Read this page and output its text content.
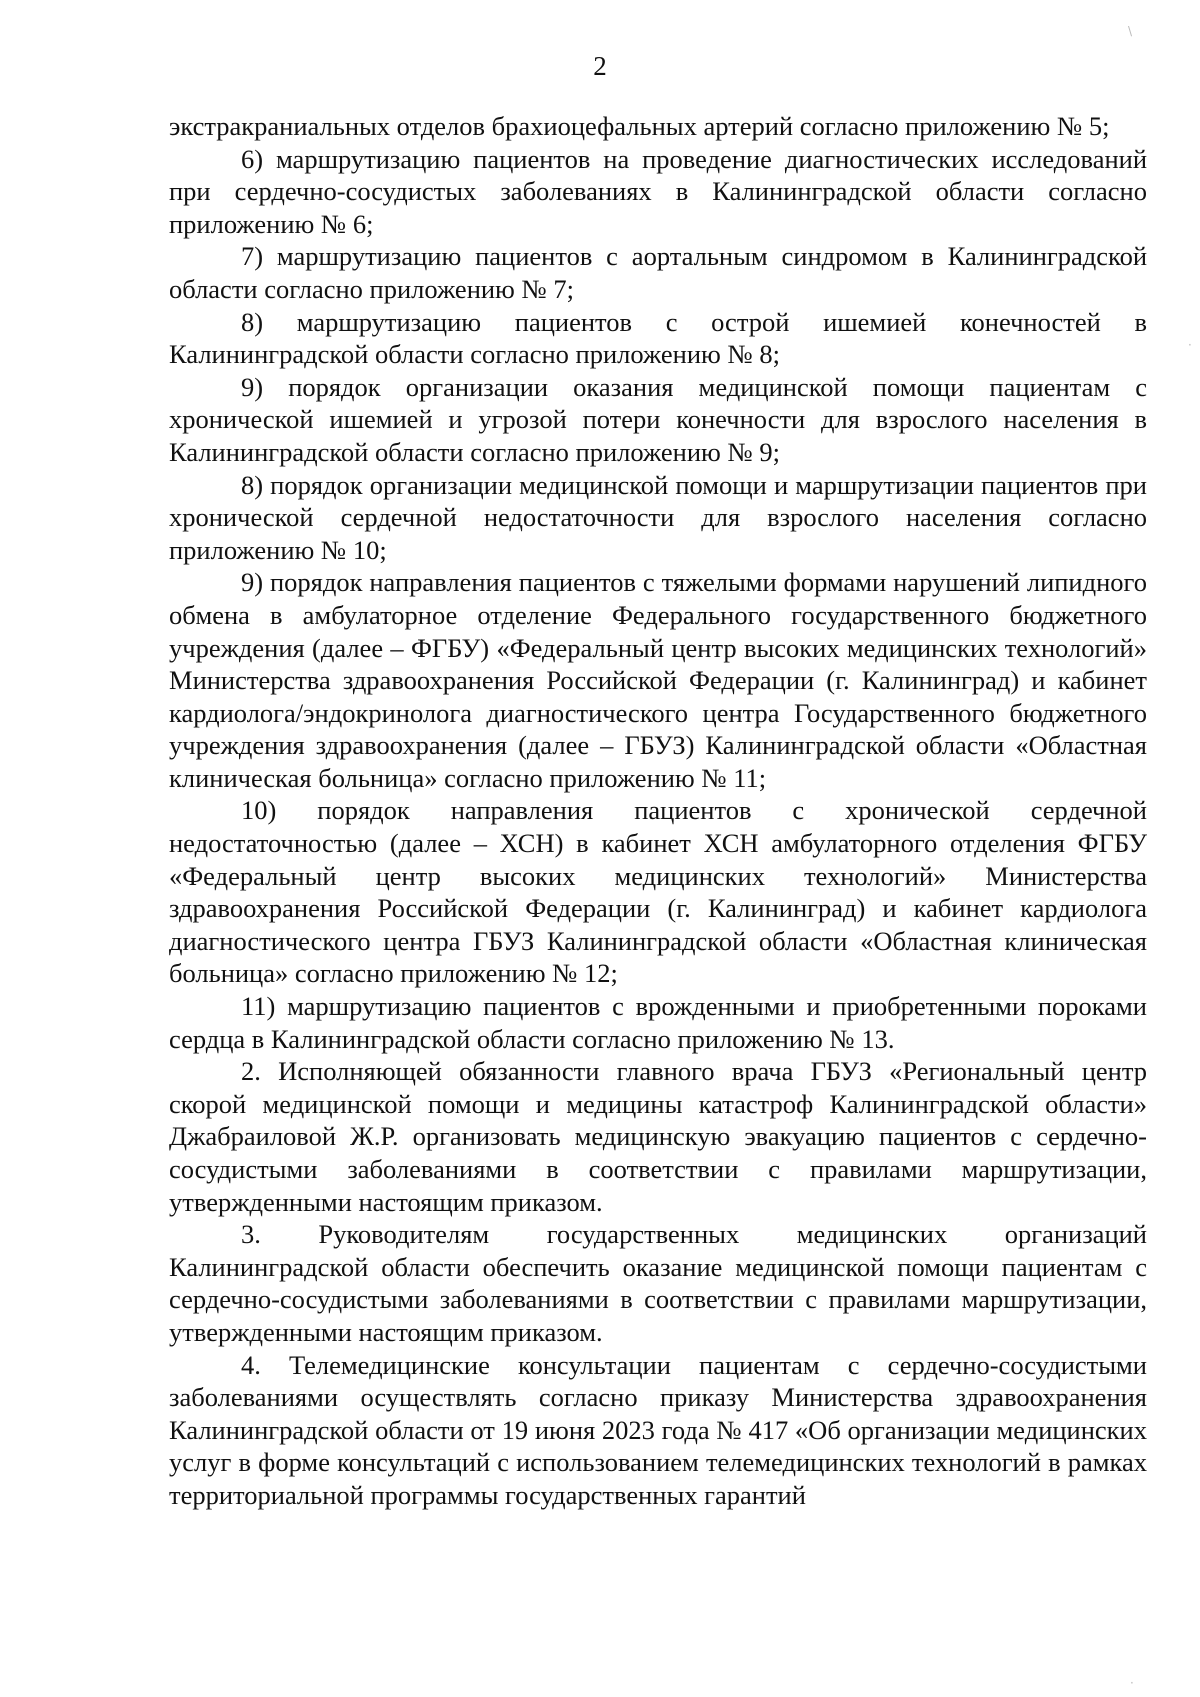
2

экстракраниальных отделов брахиоцефальных артерий согласно приложению № 5;

6) маршрутизацию пациентов на проведение диагностических исследований при сердечно-сосудистых заболеваниях в Калининградской области согласно приложению № 6;

7) маршрутизацию пациентов с аортальным синдромом в Калининградской области согласно приложению № 7;

8) маршрутизацию пациентов с острой ишемией конечностей в Калининградской области согласно приложению № 8;

9) порядок организации оказания медицинской помощи пациентам с хронической ишемией и угрозой потери конечности для взрослого населения в Калининградской области согласно приложению № 9;

8) порядок организации медицинской помощи и маршрутизации пациентов при хронической сердечной недостаточности для взрослого населения согласно приложению № 10;

9) порядок направления пациентов с тяжелыми формами нарушений липидного обмена в амбулаторное отделение Федерального государственного бюджетного учреждения (далее – ФГБУ) «Федеральный центр высоких медицинских технологий» Министерства здравоохранения Российской Федерации (г. Калининград) и кабинет кардиолога/эндокринолога диагностического центра Государственного бюджетного учреждения здравоохранения (далее – ГБУЗ) Калининградской области «Областная клиническая больница» согласно приложению № 11;

10) порядок направления пациентов с хронической сердечной недостаточностью (далее – ХСН) в кабинет ХСН амбулаторного отделения ФГБУ «Федеральный центр высоких медицинских технологий» Министерства здравоохранения Российской Федерации (г. Калининград) и кабинет кардиолога диагностического центра ГБУЗ Калининградской области «Областная клиническая больница» согласно приложению № 12;

11) маршрутизацию пациентов с врожденными и приобретенными пороками сердца в Калининградской области согласно приложению № 13.

2. Исполняющей обязанности главного врача ГБУЗ «Региональный центр скорой медицинской помощи и медицины катастроф Калининградской области» Джабраиловой Ж.Р. организовать медицинскую эвакуацию пациентов с сердечно-сосудистыми заболеваниями в соответствии с правилами маршрутизации, утвержденными настоящим приказом.

3. Руководителям государственных медицинских организаций Калининградской области обеспечить оказание медицинской помощи пациентам с сердечно-сосудистыми заболеваниями в соответствии с правилами маршрутизации, утвержденными настоящим приказом.

4. Телемедицинские консультации пациентам с сердечно-сосудистыми заболеваниями осуществлять согласно приказу Министерства здравоохранения Калининградской области от 19 июня 2023 года № 417 «Об организации медицинских услуг в форме консультаций с использованием телемедицинских технологий в рамках территориальной программы государственных гарантий

\
·
·
